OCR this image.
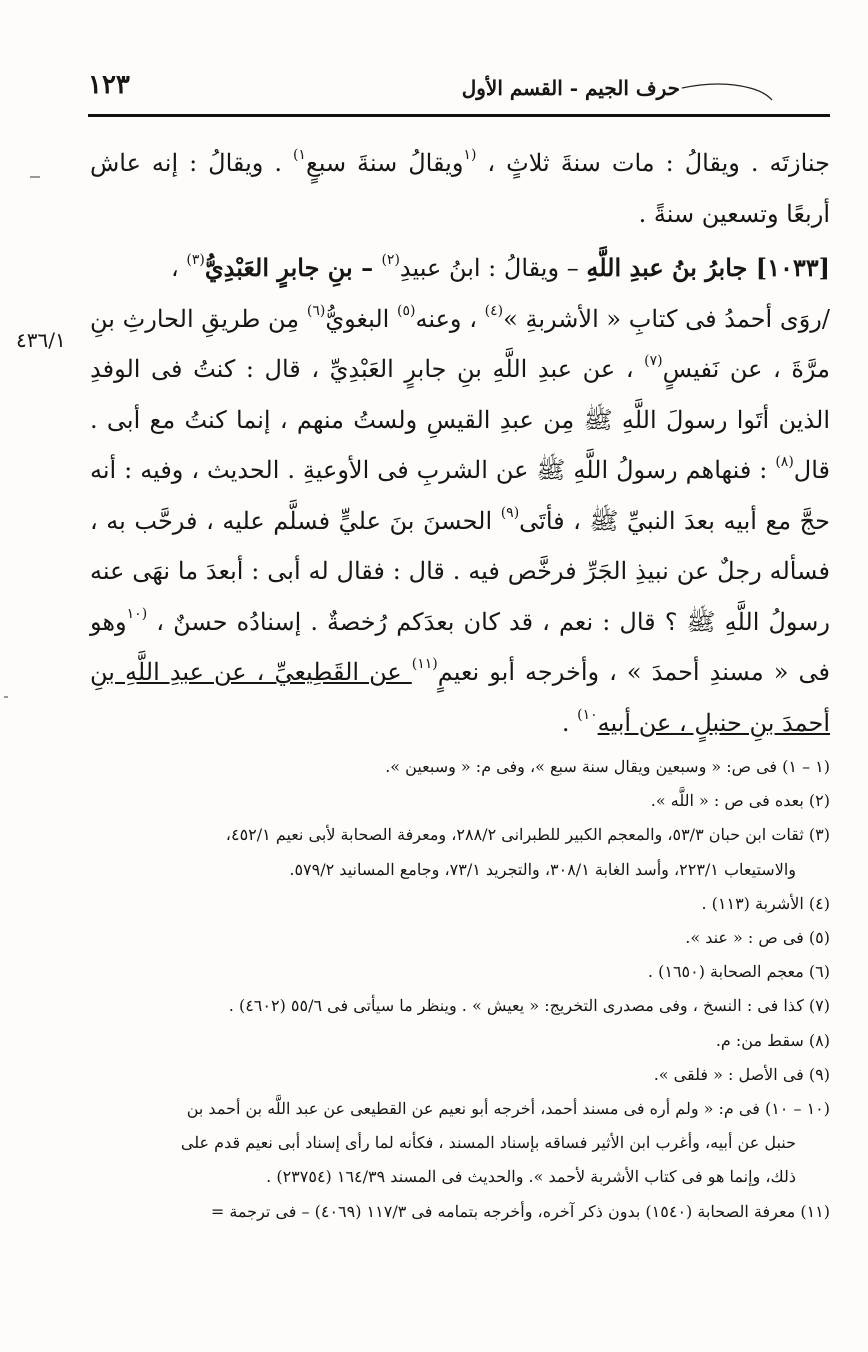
١٢٣	حرف الجيم - القسم الأول
٤٣٦/١

جنازتَه . ويقالُ : مات سنةَ ثلاثٍ ، $^{(١}$ويقالُ سنةَ سبعٍ$^{١)}$ . ويقالُ : إنه عاش أربعًا وتسعين سنةً .

[١٠٣٣] جابرُ بنُ عبدِ اللَّهِ – ويقالُ : ابنُ عبيدِ$^{(٢)}$ – بنِ جابرٍ العَبْدِيُّ$^{(٣)}$ ،

/روَى أحمدُ فى كتابِ « الأشربةِ »$^{(٤)}$ ، وعنه$^{(٥)}$ البغويُّ$^{(٦)}$ مِن طريقِ الحارثِ بنِ مرَّةَ ، عن نَفيسٍ$^{(٧)}$ ، عن عبدِ اللَّهِ بنِ جابرٍ العَبْدِيِّ ، قال : كنتُ فى الوفدِ الذين أتَوا رسولَ اللَّهِ ﷺ مِن عبدِ القيسِ ولستُ منهم ، إنما كنتُ مع أبى . قال$^{(٨)}$ : فنهاهم رسولُ اللَّهِ ﷺ عن الشربِ فى الأوعيةِ . الحديث ، وفيه : أنه حجَّ مع أبيه بعدَ النبيِّ ﷺ ، فأتَى$^{(٩)}$ الحسنَ بنَ عليٍّ فسلَّم عليه ، فرحَّب به ، فسأله رجلٌ عن نبيذِ الجَرِّ فرخَّص فيه . قال : فقال له أبى : أبعدَ ما نهَى عنه رسولُ اللَّهِ ﷺ ؟ قال : نعم ، قد كان بعدَكم رُخصةٌ . إسنادُه حسنٌ ، $^{(١٠}$وهو فى « مسندِ أحمدَ » ، وأخرجه أبو نعيمٍ$^{(١١)}$ عن القَطِيعيِّ ، عن عبدِ اللَّهِ بنِ أحمدَ بنِ حنبلٍ ، عن أبيه$^{١٠)}$ .

(١ – ١) فى ص: « وسبعين ويقال سنة سبع »، وفى م: « وسبعين ».

(٢) بعده فى ص : « اللَّه ».

(٣) ثقات ابن حبان ٥٣/٣، والمعجم الكبير للطبرانى ٢٨٨/٢، ومعرفة الصحابة لأبى نعيم ٤٥٢/١،

والاستيعاب ٢٢٣/١، وأسد الغابة ٣٠٨/١، والتجريد ٧٣/١، وجامع المسانيد ٥٧٩/٢.

(٤) الأشربة (١١٣) .

(٥) فى ص : « عند ».

(٦) معجم الصحابة (١٦٥٠) .

(٧) كذا فى : النسخ ، وفى مصدرى التخريج: « يعيش » . وينظر ما سيأتى فى ٥٥/٦ (٤٦٠٢) .

(٨) سقط من: م.

(٩) فى الأصل : « فلقى ».

(١٠ – ١٠) فى م: « ولم أره فى مسند أحمد، أخرجه أبو نعيم عن القطيعى عن عبد اللَّه بن أحمد بن

حنبل عن أبيه، وأغرب ابن الأثير فساقه بإسناد المسند ، فكأنه لما رأى إسناد أبى نعيم قدم على

ذلك، وإنما هو فى كتاب الأشربة لأحمد ». والحديث فى المسند ١٦٤/٣٩ (٢٣٧٥٤) .

(١١) معرفة الصحابة (١٥٤٠) بدون ذكر آخره، وأخرجه بتمامه فى ١١٧/٣ (٤٠٦٩) – فى ترجمة =
